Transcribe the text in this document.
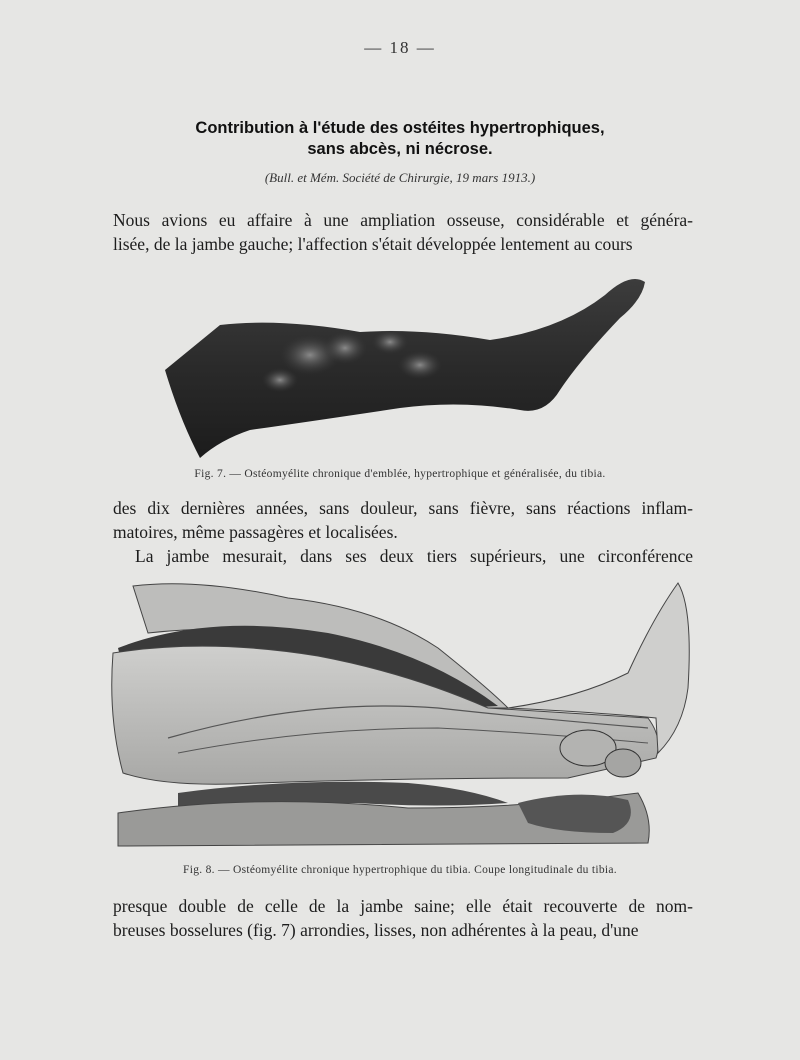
— 18 —
Contribution à l'étude des ostéites hypertrophiques,
sans abcès, ni nécrose.
(Bull. et Mém. Société de Chirurgie, 19 mars 1913.)
Nous avions eu affaire à une ampliation osseuse, considérable et généra-
lisée, de la jambe gauche; l'affection s'était développée lentement au cours
Fig. 7. — Ostéomyélite chronique d'emblée, hypertrophique et généralisée, du tibia.
des dix dernières années, sans douleur, sans fièvre, sans réactions inflam-
matoires, même passagères et localisées.
La jambe mesurait, dans ses deux tiers supérieurs, une circonférence
Fig. 8. — Ostéomyélite chronique hypertrophique du tibia. Coupe longitudinale du tibia.
presque double de celle de la jambe saine; elle était recouverte de nom-
breuses bosselures (fig. 7) arrondies, lisses, non adhérentes à la peau, d'une
